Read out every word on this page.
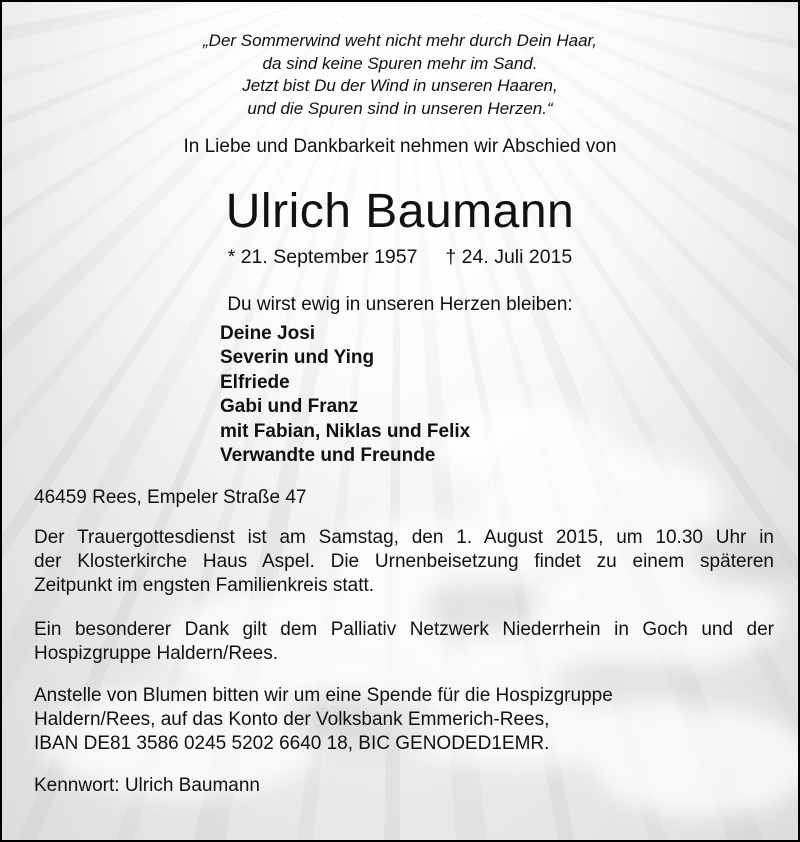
„Der Sommerwind weht nicht mehr durch Dein Haar,
da sind keine Spuren mehr im Sand.
Jetzt bist Du der Wind in unseren Haaren,
und die Spuren sind in unseren Herzen.“
In Liebe und Dankbarkeit nehmen wir Abschied von
Ulrich Baumann
* 21. September 1957 † 24. Juli 2015
Du wirst ewig in unseren Herzen bleiben:
Deine Josi
Severin und Ying
Elfriede
Gabi und Franz
mit Fabian, Niklas und Felix
Verwandte und Freunde
46459 Rees, Empeler Straße 47
Der Trauergottesdienst ist am Samstag, den 1. August 2015, um 10.30 Uhr in
der Klosterkirche Haus Aspel. Die Urnenbeisetzung findet zu einem späteren
Zeitpunkt im engsten Familienkreis statt.
Ein besonderer Dank gilt dem Palliativ Netzwerk Niederrhein in Goch und der
Hospizgruppe Haldern/Rees.
Anstelle von Blumen bitten wir um eine Spende für die Hospizgruppe
Haldern/Rees, auf das Konto der Volksbank Emmerich-Rees,
IBAN DE81 3586 0245 5202 6640 18, BIC GENODED1EMR.
Kennwort: Ulrich Baumann
